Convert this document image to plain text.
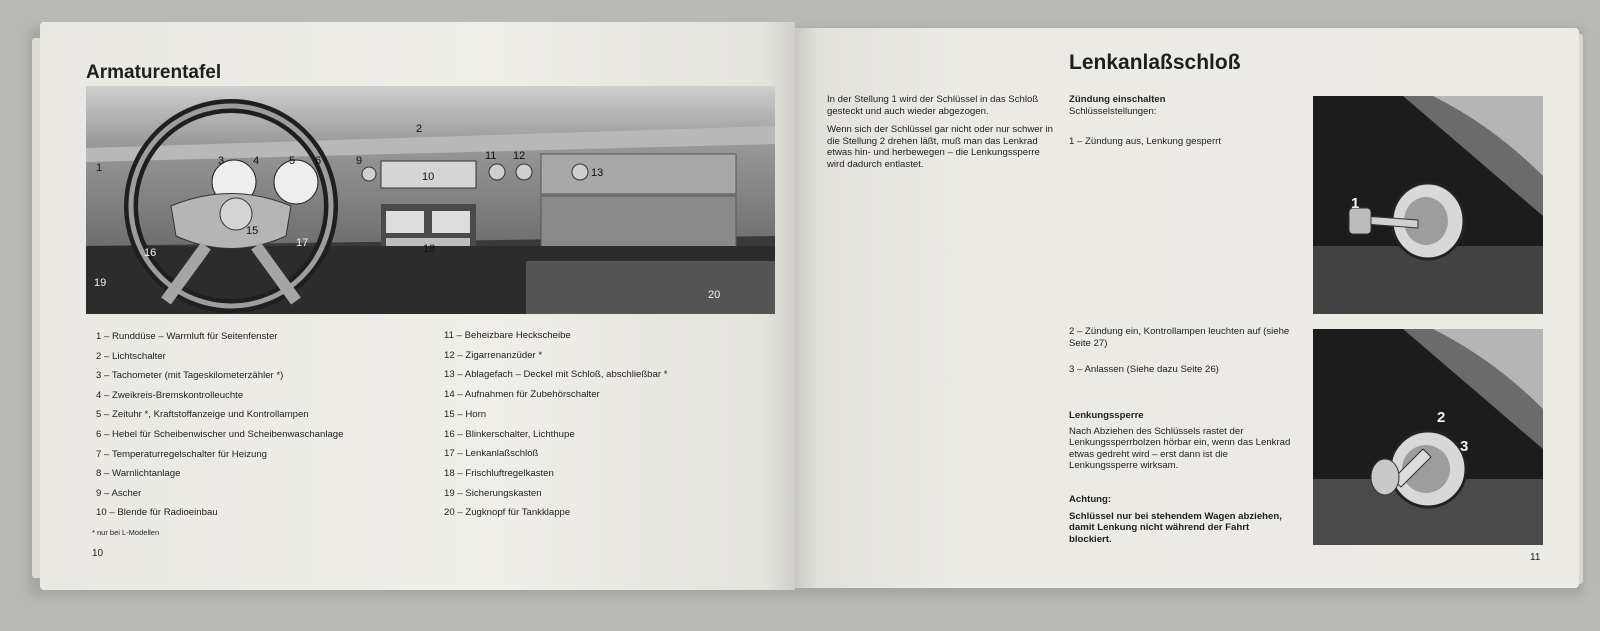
Armaturentafel
1
3	4	5 6	9
10
11 12
13
15
16
17	18
19
20
2
1 – Runddüse – Warmluft für Seitenfenster
2 – Lichtschalter
3 – Tachometer (mit Tageskilometerzähler *)
4 – Zweikreis-Bremskontrolleuchte
5 – Zeituhr *, Kraftstoffanzeige und Kontrollampen
6 – Hebel für Scheibenwischer und Scheibenwaschanlage
7 – Temperaturregelschalter für Heizung
8 – Warnlichtanlage
9 – Ascher
10 – Blende für Radioeinbau
11 – Beheizbare Heckscheibe
12 – Zigarrenanzüder *
13 – Ablagefach – Deckel mit Schloß, abschließbar *
14 – Aufnahmen für Zubehörschalter
15 – Horn
16 – Blinkerschalter, Lichthupe
17 – Lenkanlaßschloß
18 – Frischluftregelkasten
19 – Sicherungskasten
20 – Zugknopf für Tankklappe
* nur bei L-Modellen
10
Lenkanlaßschloß

In der Stellung 1 wird der Schlüssel in das Schloß gesteckt und auch wieder abgezogen.

Wenn sich der Schlüssel gar nicht oder nur schwer in die Stellung 2 drehen läßt, muß man das Lenkrad etwas hin- und herbewegen – die Lenkungssperre wird dadurch entlastet.

Zündung einschalten
Schlüsselstellungen:
1 – Zündung aus, Lenkung gesperrt
2 – Zündung ein, Kontrollampen leuchten auf (siehe Seite 27)
3 – Anlassen (Siehe dazu Seite 26)
Lenkungssperre
Nach Abziehen des Schlüssels rastet der Lenkungssperrbolzen hörbar ein, wenn das Lenkrad etwas gedreht wird – erst dann ist die Lenkungssperre wirksam.
Achtung:
Schlüssel nur bei stehendem Wagen abziehen, damit Lenkung nicht während der Fahrt blockiert.
1
2
3
11
